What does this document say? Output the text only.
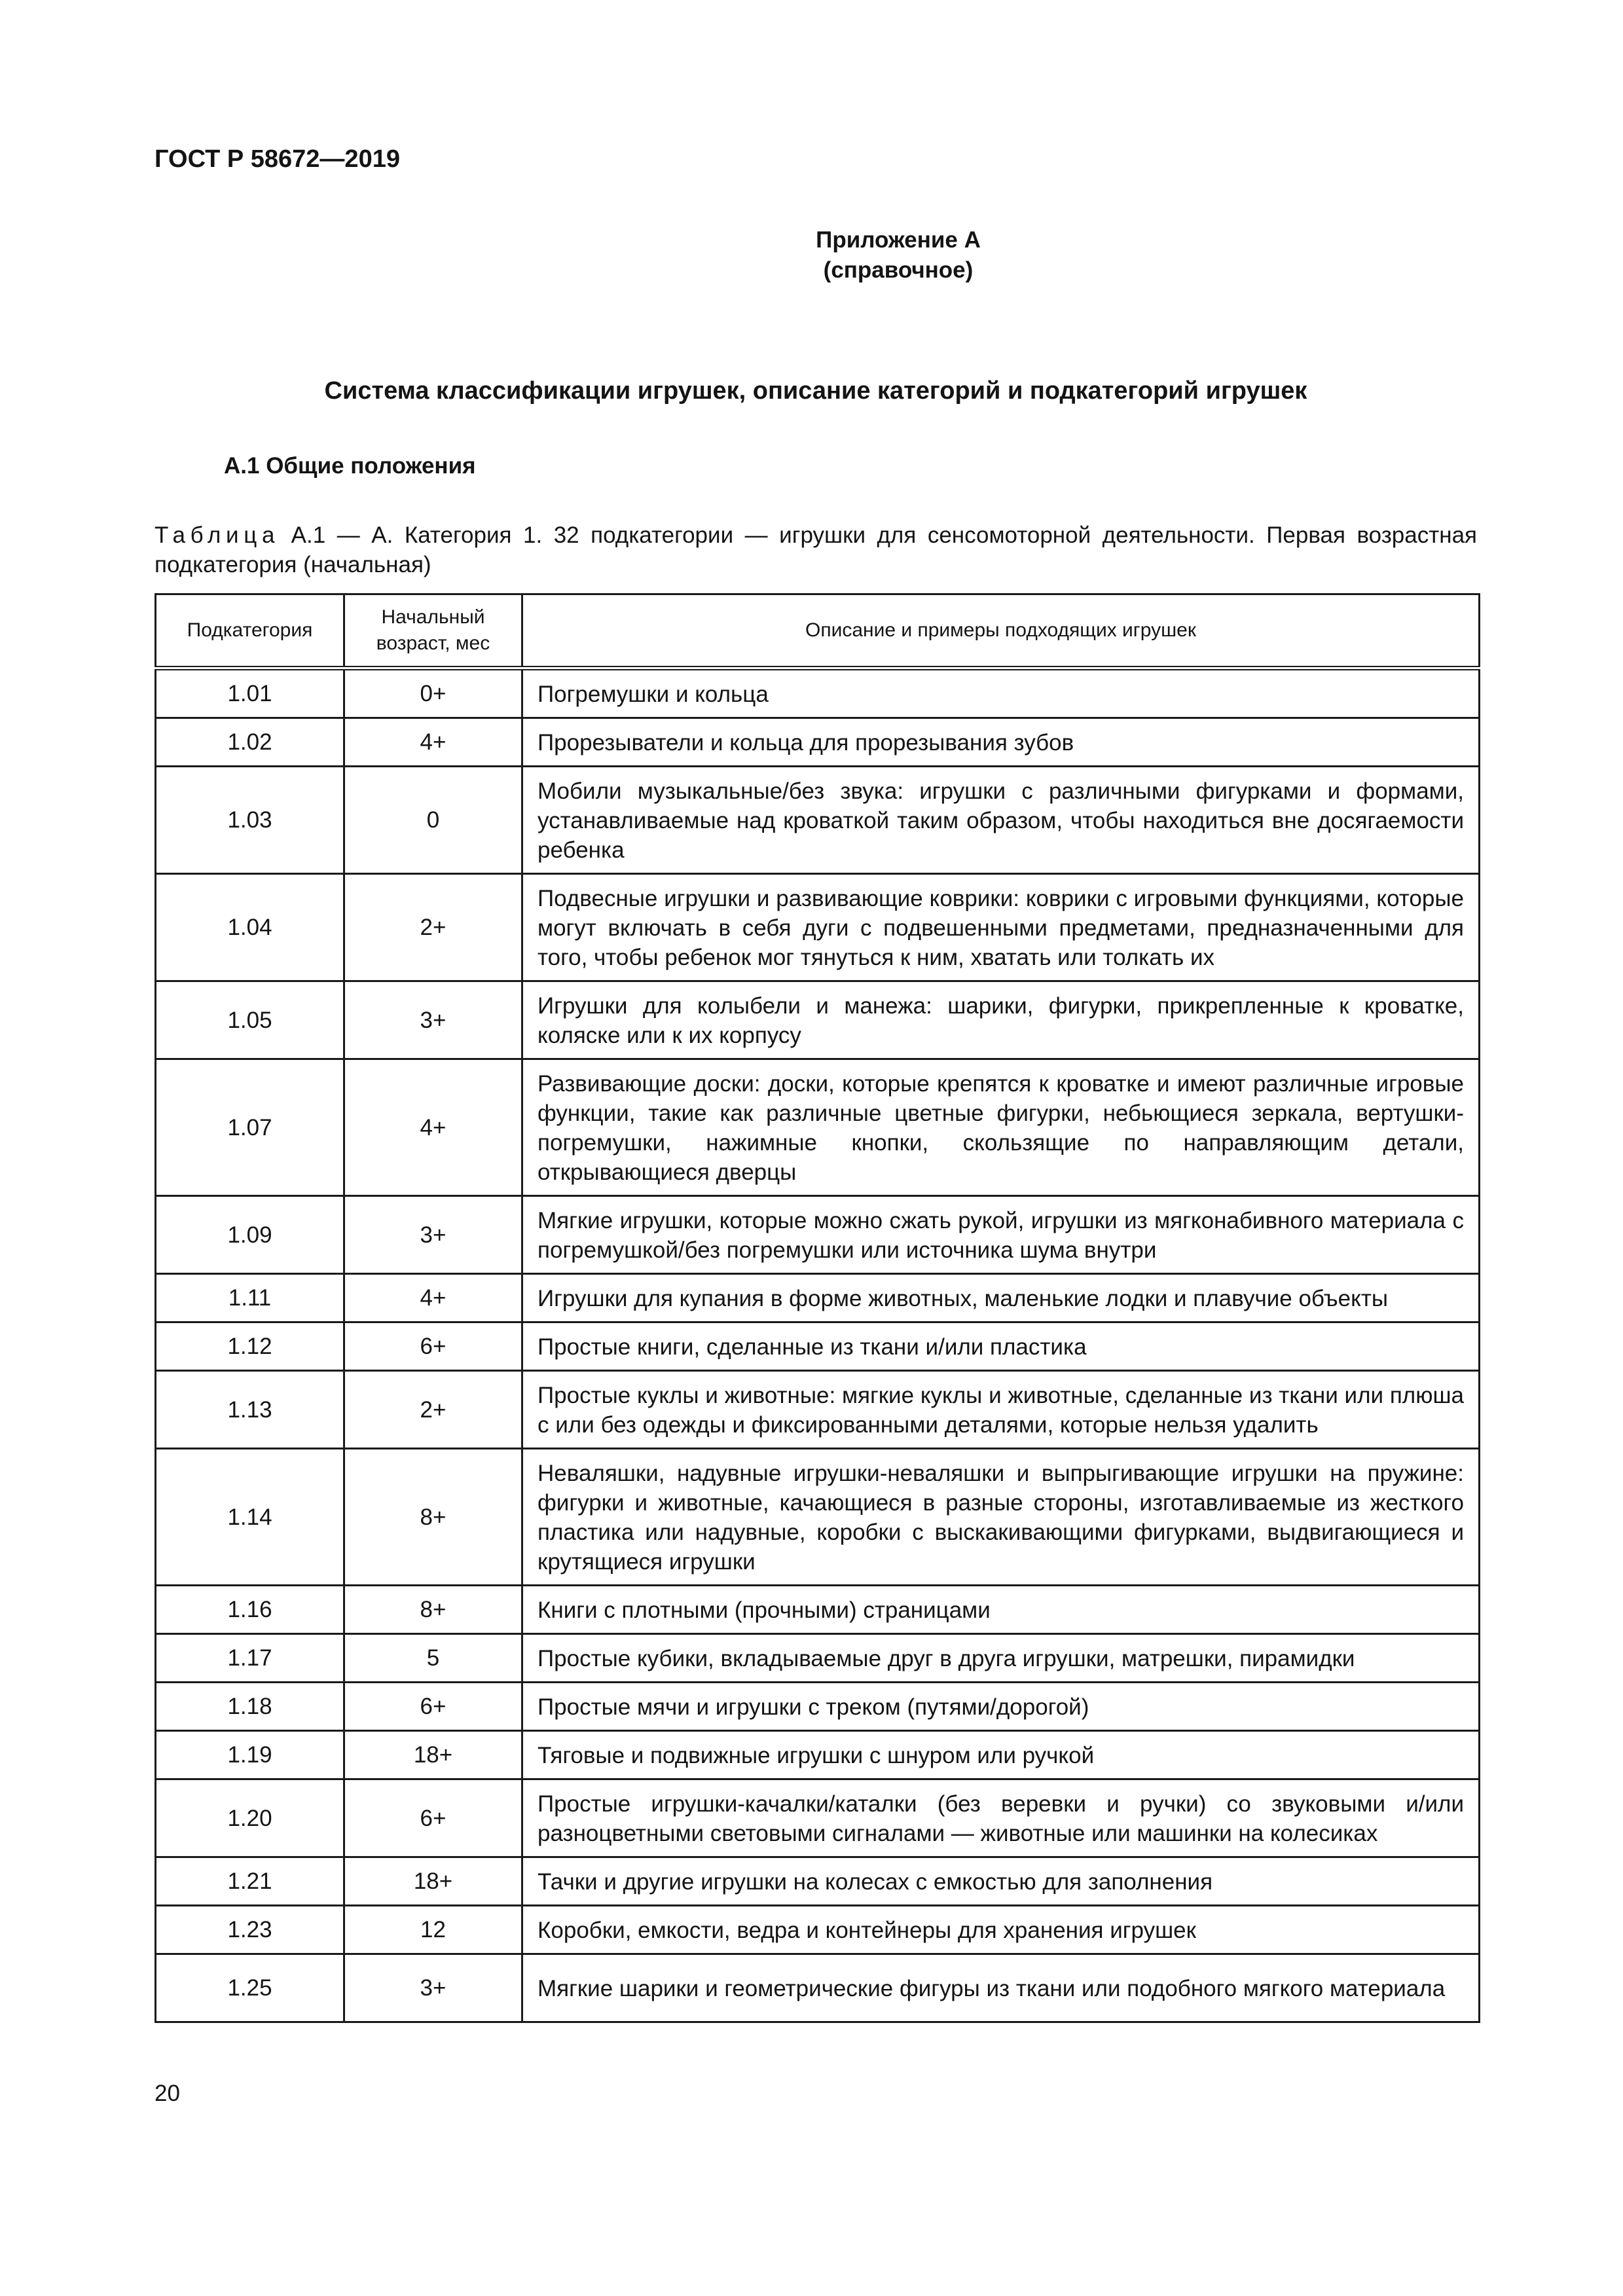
ГОСТ Р 58672—2019
Приложение А
(справочное)
Система классификации игрушек, описание категорий и подкатегорий игрушек
А.1 Общие положения
Таблица А.1 — А. Категория 1. 32 подкатегории — игрушки для сенсомоторной деятельности. Первая возрастная подкатегория (начальная)
Подкатегория	Начальный возраст, мес	Описание и примеры подходящих игрушек
1.01	0+	Погремушки и кольца
1.02	4+	Прорезыватели и кольца для прорезывания зубов
1.03	0	Мобили музыкальные/без звука: игрушки с различными фигурками и формами, устанавливаемые над кроваткой таким образом, чтобы находиться вне досягаемости ребенка
1.04	2+	Подвесные игрушки и развивающие коврики: коврики с игровыми функциями, которые могут включать в себя дуги с подвешенными предметами, предназначенными для того, чтобы ребенок мог тянуться к ним, хватать или толкать их
1.05	3+	Игрушки для колыбели и манежа: шарики, фигурки, прикрепленные к кроватке, коляске или к их корпусу
1.07	4+	Развивающие доски: доски, которые крепятся к кроватке и имеют различные игровые функции, такие как различные цветные фигурки, небьющиеся зеркала, вертушки-погремушки, нажимные кнопки, скользящие по направляющим детали, открывающиеся дверцы
1.09	3+	Мягкие игрушки, которые можно сжать рукой, игрушки из мягконабивного материала с погремушкой/без погремушки или источника шума внутри
1.11	4+	Игрушки для купания в форме животных, маленькие лодки и плавучие объекты
1.12	6+	Простые книги, сделанные из ткани и/или пластика
1.13	2+	Простые куклы и животные: мягкие куклы и животные, сделанные из ткани или плюша с или без одежды и фиксированными деталями, которые нельзя удалить
1.14	8+	Неваляшки, надувные игрушки-неваляшки и выпрыгивающие игрушки на пружине: фигурки и животные, качающиеся в разные стороны, изготавливаемые из жесткого пластика или надувные, коробки с выскакивающими фигурками, выдвигающиеся и крутящиеся игрушки
1.16	8+	Книги с плотными (прочными) страницами
1.17	5	Простые кубики, вкладываемые друг в друга игрушки, матрешки, пирамидки
1.18	6+	Простые мячи и игрушки с треком (путями/дорогой)
1.19	18+	Тяговые и подвижные игрушки с шнуром или ручкой
1.20	6+	Простые игрушки-качалки/каталки (без веревки и ручки) со звуковыми и/или разноцветными световыми сигналами — животные или машинки на колесиках
1.21	18+	Тачки и другие игрушки на колесах с емкостью для заполнения
1.23	12	Коробки, емкости, ведра и контейнеры для хранения игрушек
1.25	3+	Мягкие шарики и геометрические фигуры из ткани или подобного мягкого материала
20
